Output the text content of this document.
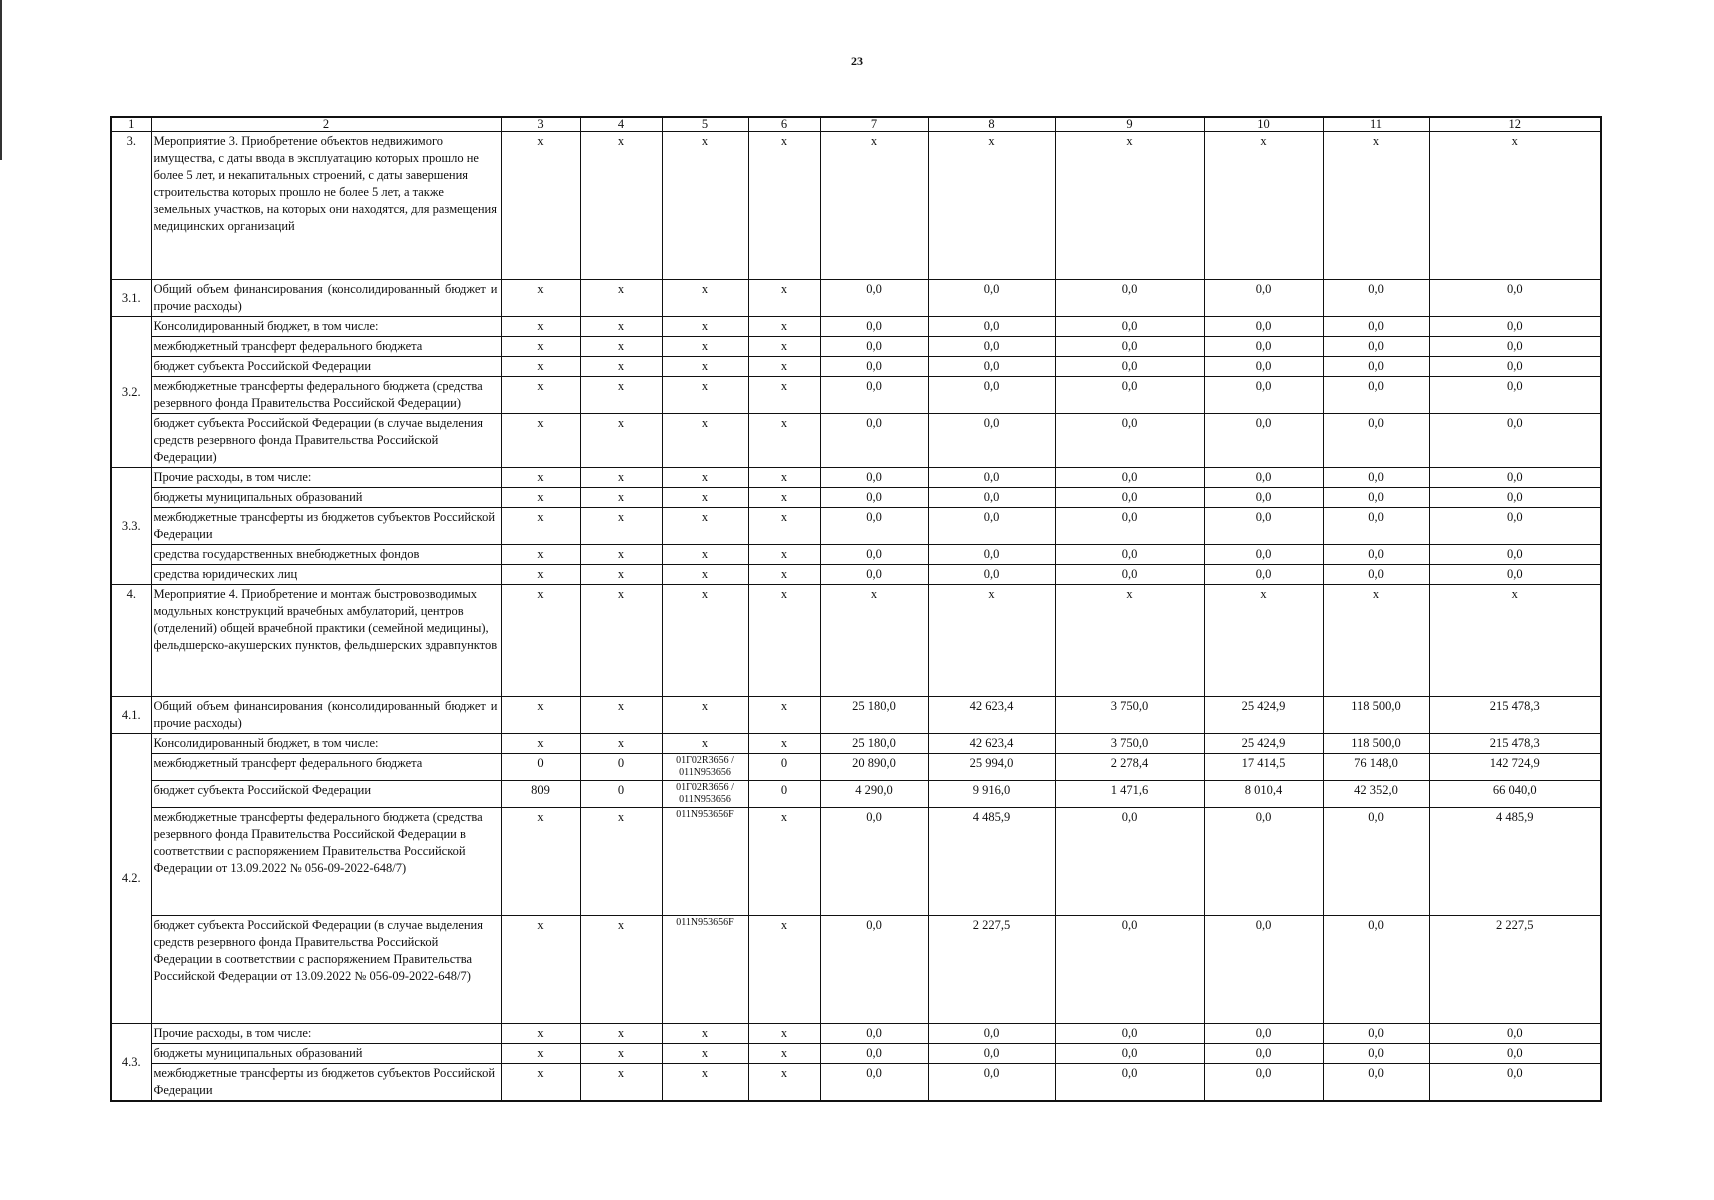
23
1	2	3	4	5	6	7	8	9	10	11	12
3.	Мероприятие 3. Приобретение объектов недвижимого имущества, с даты ввода в эксплуатацию которых прошло не более 5 лет, и некапитальных строений, с даты завершения строительства которых прошло не более 5 лет, а также земельных участков, на которых они находятся, для размещения медицинских организаций	x	x	x	x	x	x	x	x	x	x
3.1.	Общий объем финансирования (консолидированный бюджет и прочие расходы)	x	x	x	x	0,0	0,0	0,0	0,0	0,0	0,0
3.2.	Консолидированный бюджет, в том числе:	x	x	x	x	0,0	0,0	0,0	0,0	0,0	0,0
	межбюджетный трансферт федерального бюджета	x	x	x	x	0,0	0,0	0,0	0,0	0,0	0,0
	бюджет субъекта Российской Федерации	x	x	x	x	0,0	0,0	0,0	0,0	0,0	0,0
	межбюджетные трансферты федерального бюджета (средства резервного фонда Правительства Российской Федерации)	x	x	x	x	0,0	0,0	0,0	0,0	0,0	0,0
	бюджет субъекта Российской Федерации (в случае выделения средств резервного фонда Правительства Российской Федерации)	x	x	x	x	0,0	0,0	0,0	0,0	0,0	0,0
3.3.	Прочие расходы, в том числе:	x	x	x	x	0,0	0,0	0,0	0,0	0,0	0,0
	бюджеты муниципальных образований	x	x	x	x	0,0	0,0	0,0	0,0	0,0	0,0
	межбюджетные трансферты из бюджетов субъектов Российской Федерации	x	x	x	x	0,0	0,0	0,0	0,0	0,0	0,0
	средства государственных внебюджетных фондов	x	x	x	x	0,0	0,0	0,0	0,0	0,0	0,0
	средства юридических лиц	x	x	x	x	0,0	0,0	0,0	0,0	0,0	0,0
4.	Мероприятие 4. Приобретение и монтаж быстровозводимых модульных конструкций врачебных амбулаторий, центров (отделений) общей врачебной практики (семейной медицины), фельдшерско-акушерских пунктов, фельдшерских здравпунктов	x	x	x	x	x	x	x	x	x	x
4.1.	Общий объем финансирования (консолидированный бюджет и прочие расходы)	x	x	x	x	25 180,0	42 623,4	3 750,0	25 424,9	118 500,0	215 478,3
4.2.	Консолидированный бюджет, в том числе:	x	x	x	x	25 180,0	42 623,4	3 750,0	25 424,9	118 500,0	215 478,3
	межбюджетный трансферт федерального бюджета	0	0	01Г02R3656 / 011N953656	0	20 890,0	25 994,0	2 278,4	17 414,5	76 148,0	142 724,9
	бюджет субъекта Российской Федерации	809	0	01Г02R3656 / 011N953656	0	4 290,0	9 916,0	1 471,6	8 010,4	42 352,0	66 040,0
	межбюджетные трансферты федерального бюджета (средства резервного фонда Правительства Российской Федерации в соответствии с распоряжением Правительства Российской Федерации от 13.09.2022 № 056-09-2022-648/7)	x	x	011N953656F	x	0,0	4 485,9	0,0	0,0	0,0	4 485,9
	бюджет субъекта Российской Федерации (в случае выделения средств резервного фонда Правительства Российской Федерации в соответствии с распоряжением Правительства Российской Федерации от 13.09.2022 № 056-09-2022-648/7)	x	x	011N953656F	x	0,0	2 227,5	0,0	0,0	0,0	2 227,5
4.3.	Прочие расходы, в том числе:	x	x	x	x	0,0	0,0	0,0	0,0	0,0	0,0
	бюджеты муниципальных образований	x	x	x	x	0,0	0,0	0,0	0,0	0,0	0,0
	межбюджетные трансферты из бюджетов субъектов Российской Федерации	x	x	x	x	0,0	0,0	0,0	0,0	0,0	0,0
